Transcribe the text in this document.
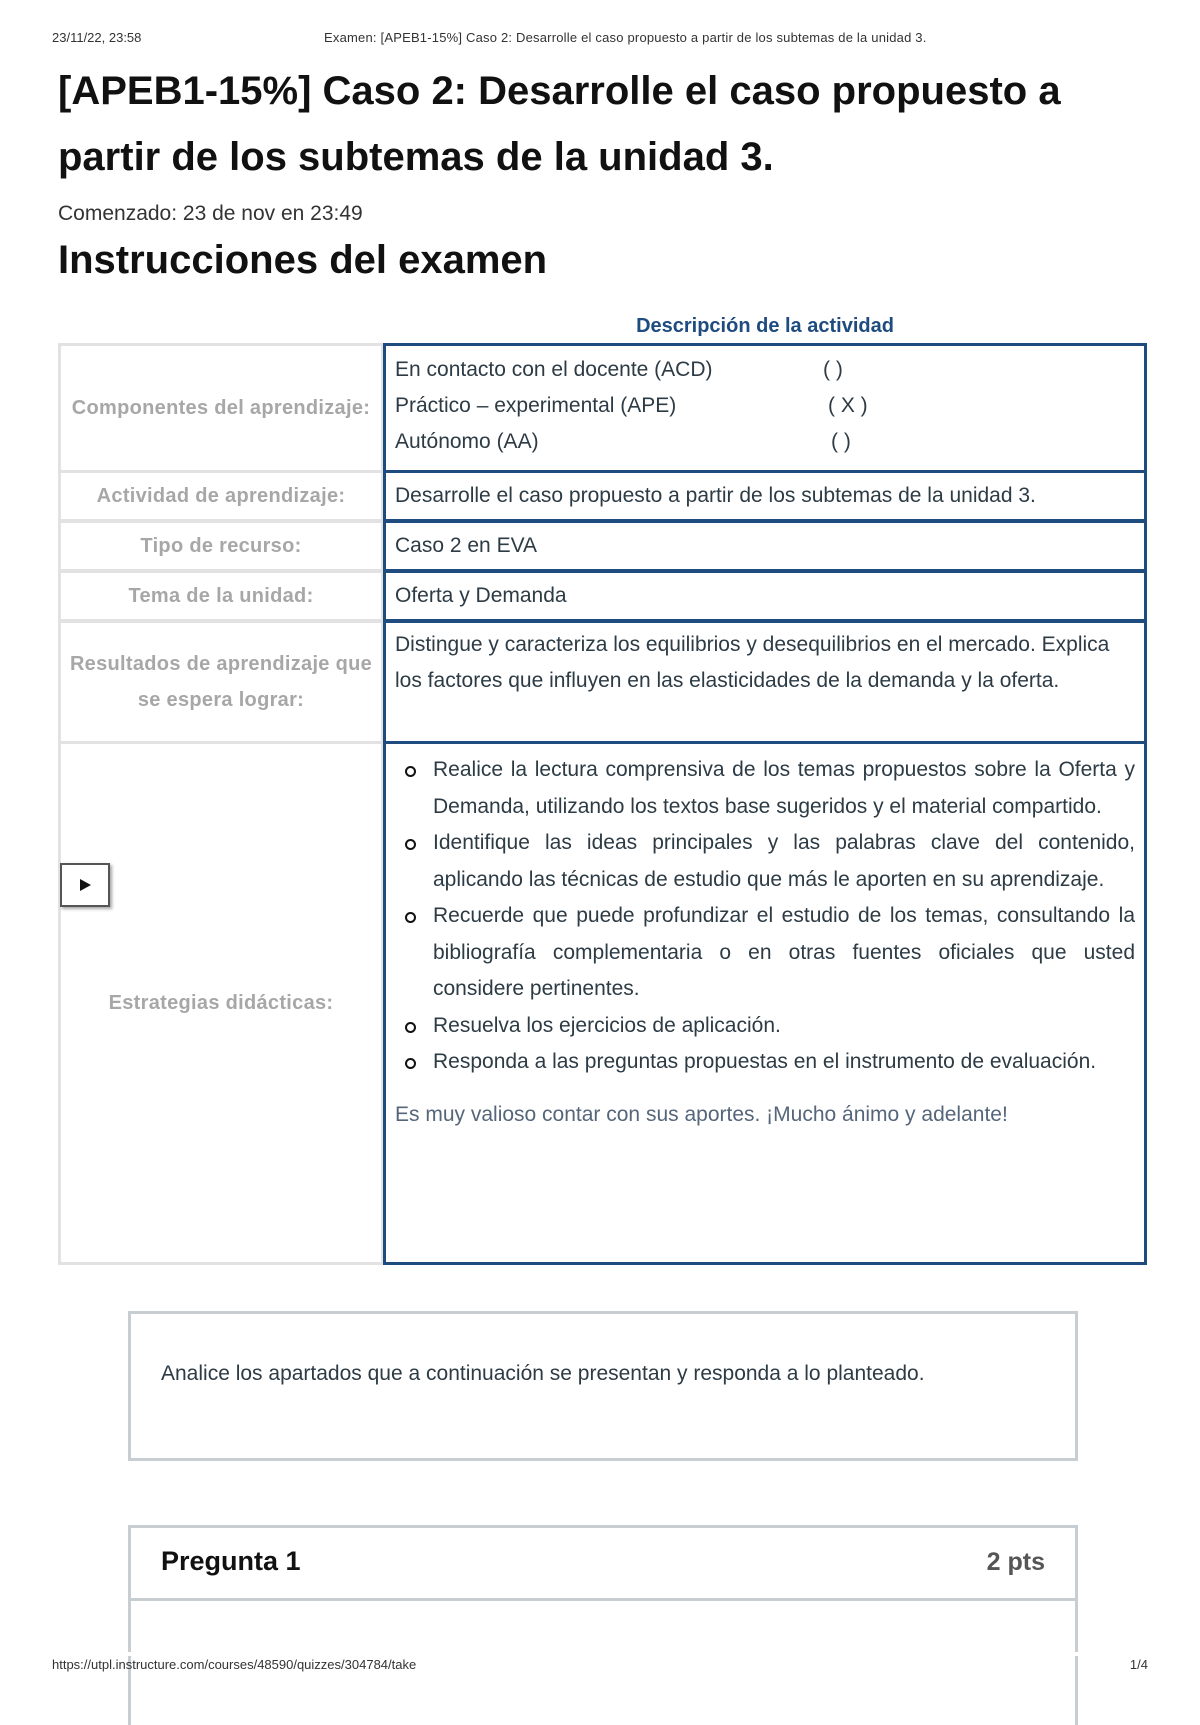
23/11/22, 23:58	Examen: [APEB1-15%] Caso 2: Desarrolle el caso propuesto a partir de los subtemas de la unidad 3.
[APEB1-15%] Caso 2: Desarrolle el caso propuesto a partir de los subtemas de la unidad 3.
Comenzado: 23 de nov en 23:49
Instrucciones del examen
Descripción de la actividad
Componentes del aprendizaje:
En contacto con el docente (ACD)	( )
Práctico – experimental (APE)	( X )
Autónomo (AA)	( )
Actividad de aprendizaje:	Desarrolle el caso propuesto a partir de los subtemas de la unidad 3.
Tipo de recurso:	Caso 2 en EVA
Tema de la unidad:	Oferta y Demanda
Resultados de aprendizaje que se espera lograr:
Distingue y caracteriza los equilibrios y desequilibrios en el mercado. Explica los factores que influyen en las elasticidades de la demanda y la oferta.
Estrategias didácticas:
Realice la lectura comprensiva de los temas propuestos sobre la Oferta y Demanda, utilizando los textos base sugeridos y el material compartido.
Identifique las ideas principales y las palabras clave del contenido, aplicando las técnicas de estudio que más le aporten en su aprendizaje.
Recuerde que puede profundizar el estudio de los temas, consultando la bibliografía complementaria o en otras fuentes oficiales que usted considere pertinentes.
Resuelva los ejercicios de aplicación.
Responda a las preguntas propuestas en el instrumento de evaluación.
Es muy valioso contar con sus aportes. ¡Mucho ánimo y adelante!
Analice los apartados que a continuación se presentan y responda a lo planteado.
Pregunta 1	2 pts
https://utpl.instructure.com/courses/48590/quizzes/304784/take	1/4
